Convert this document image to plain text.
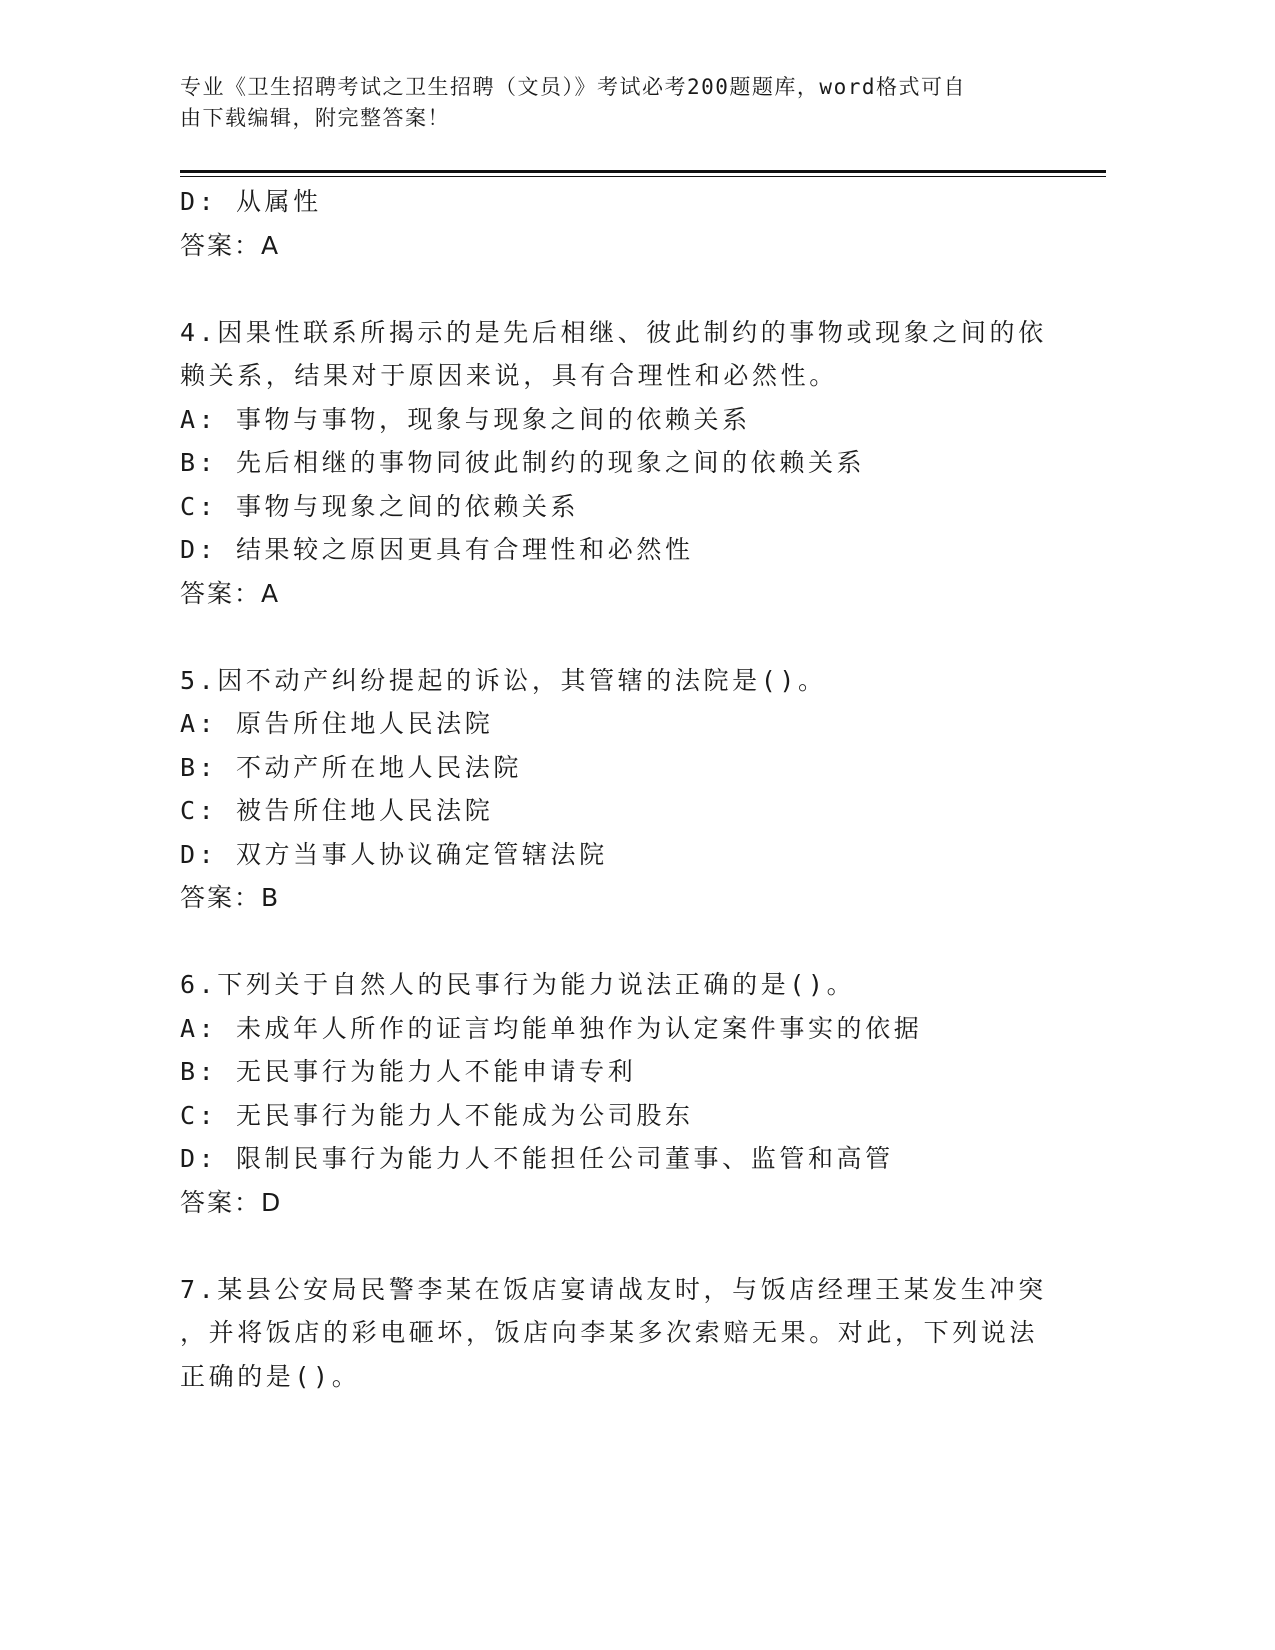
专业《卫生招聘考试之卫生招聘（文员）》考试必考200题题库，word格式可自
由下载编辑，附完整答案！
D: 从属性
答案：A
4.因果性联系所揭示的是先后相继、彼此制约的事物或现象之间的依
赖关系，结果对于原因来说，具有合理性和必然性。
A: 事物与事物，现象与现象之间的依赖关系
B: 先后相继的事物同彼此制约的现象之间的依赖关系
C: 事物与现象之间的依赖关系
D: 结果较之原因更具有合理性和必然性
答案：A
5.因不动产纠纷提起的诉讼，其管辖的法院是()。
A: 原告所住地人民法院
B: 不动产所在地人民法院
C: 被告所住地人民法院
D: 双方当事人协议确定管辖法院
答案：B
6.下列关于自然人的民事行为能力说法正确的是()。
A: 未成年人所作的证言均能单独作为认定案件事实的依据
B: 无民事行为能力人不能申请专利
C: 无民事行为能力人不能成为公司股东
D: 限制民事行为能力人不能担任公司董事、监管和高管
答案：D
7.某县公安局民警李某在饭店宴请战友时，与饭店经理王某发生冲突
，并将饭店的彩电砸坏，饭店向李某多次索赔无果。对此，下列说法
正确的是()。
